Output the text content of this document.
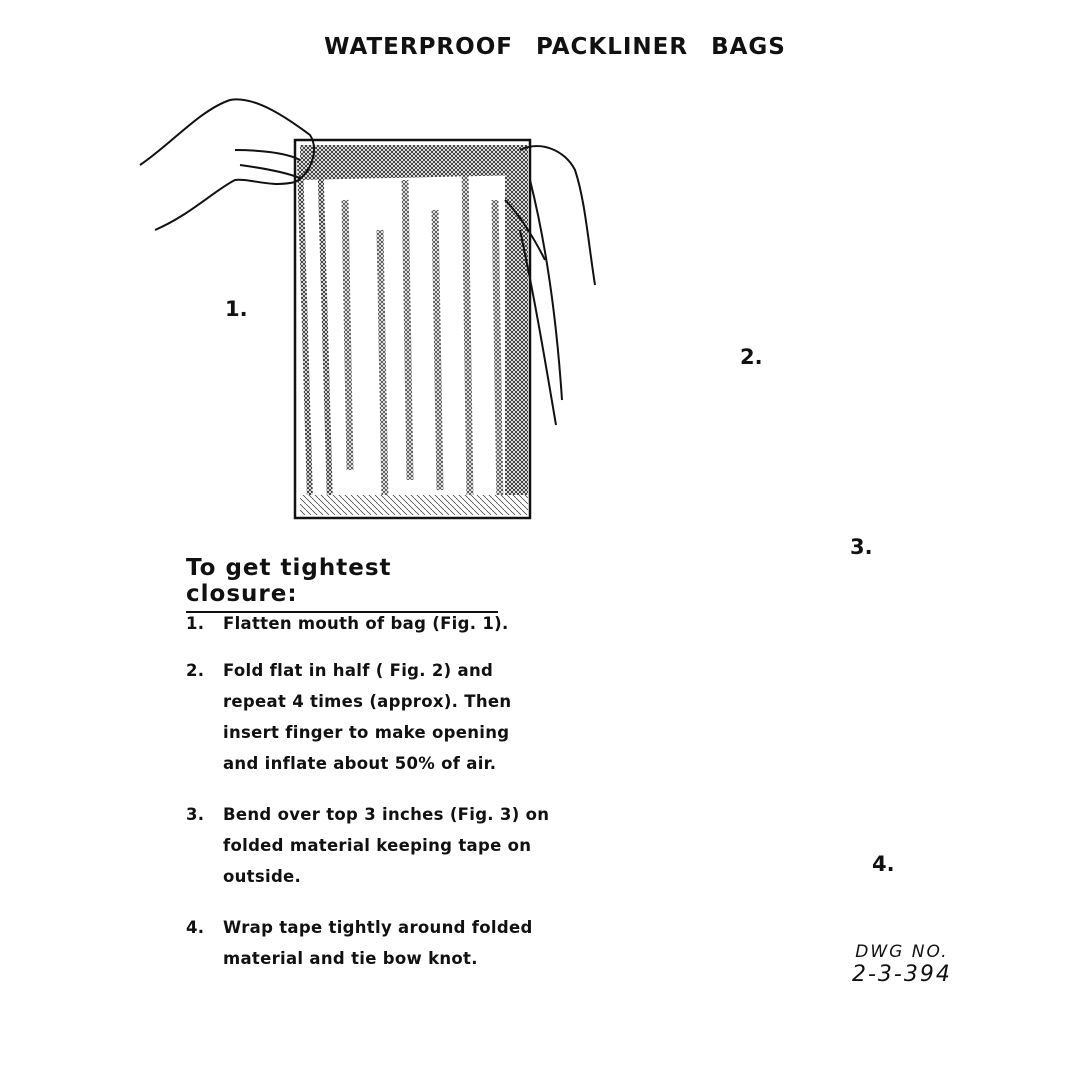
WATERPROOF PACKLINER BAGS
1.
2.
3.
4.
To get tightest closure:
1.	Flatten mouth of bag (Fig. 1).
2.	Fold flat in half ( Fig. 2) and repeat 4 times (approx). Then insert finger to make opening and inflate about 50% of air.
3.	Bend over top 3 inches (Fig. 3) on folded material keeping tape on outside.
4.	Wrap tape tightly around folded material and tie bow knot.	DWG NO.
2-3-394
